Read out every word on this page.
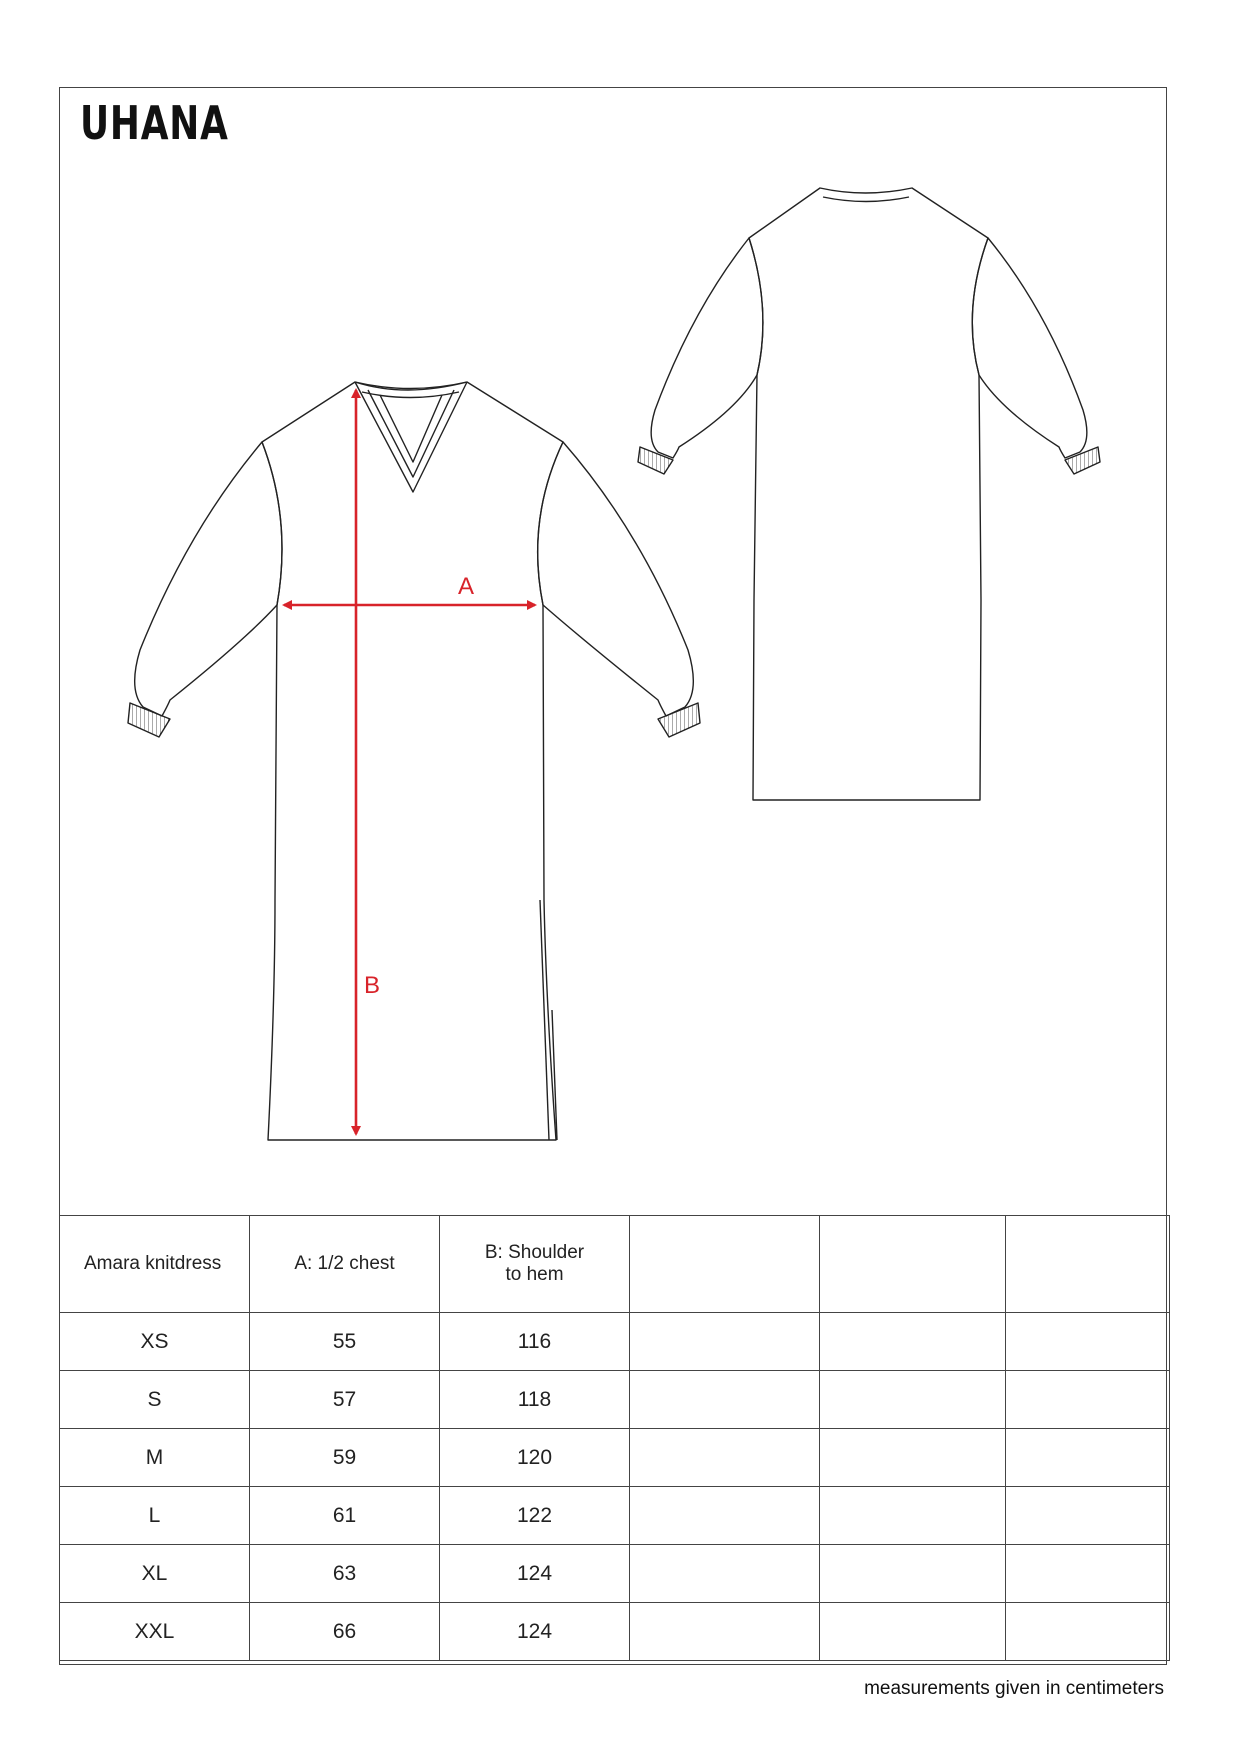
UHANA
A
B
Amara knitdress	A: 1/2 chest	B: Shoulder to hem			
XS	55	116			
S	57	118			
M	59	120			
L	61	122			
XL	63	124			
XXL	66	124			
measurements given in centimeters
